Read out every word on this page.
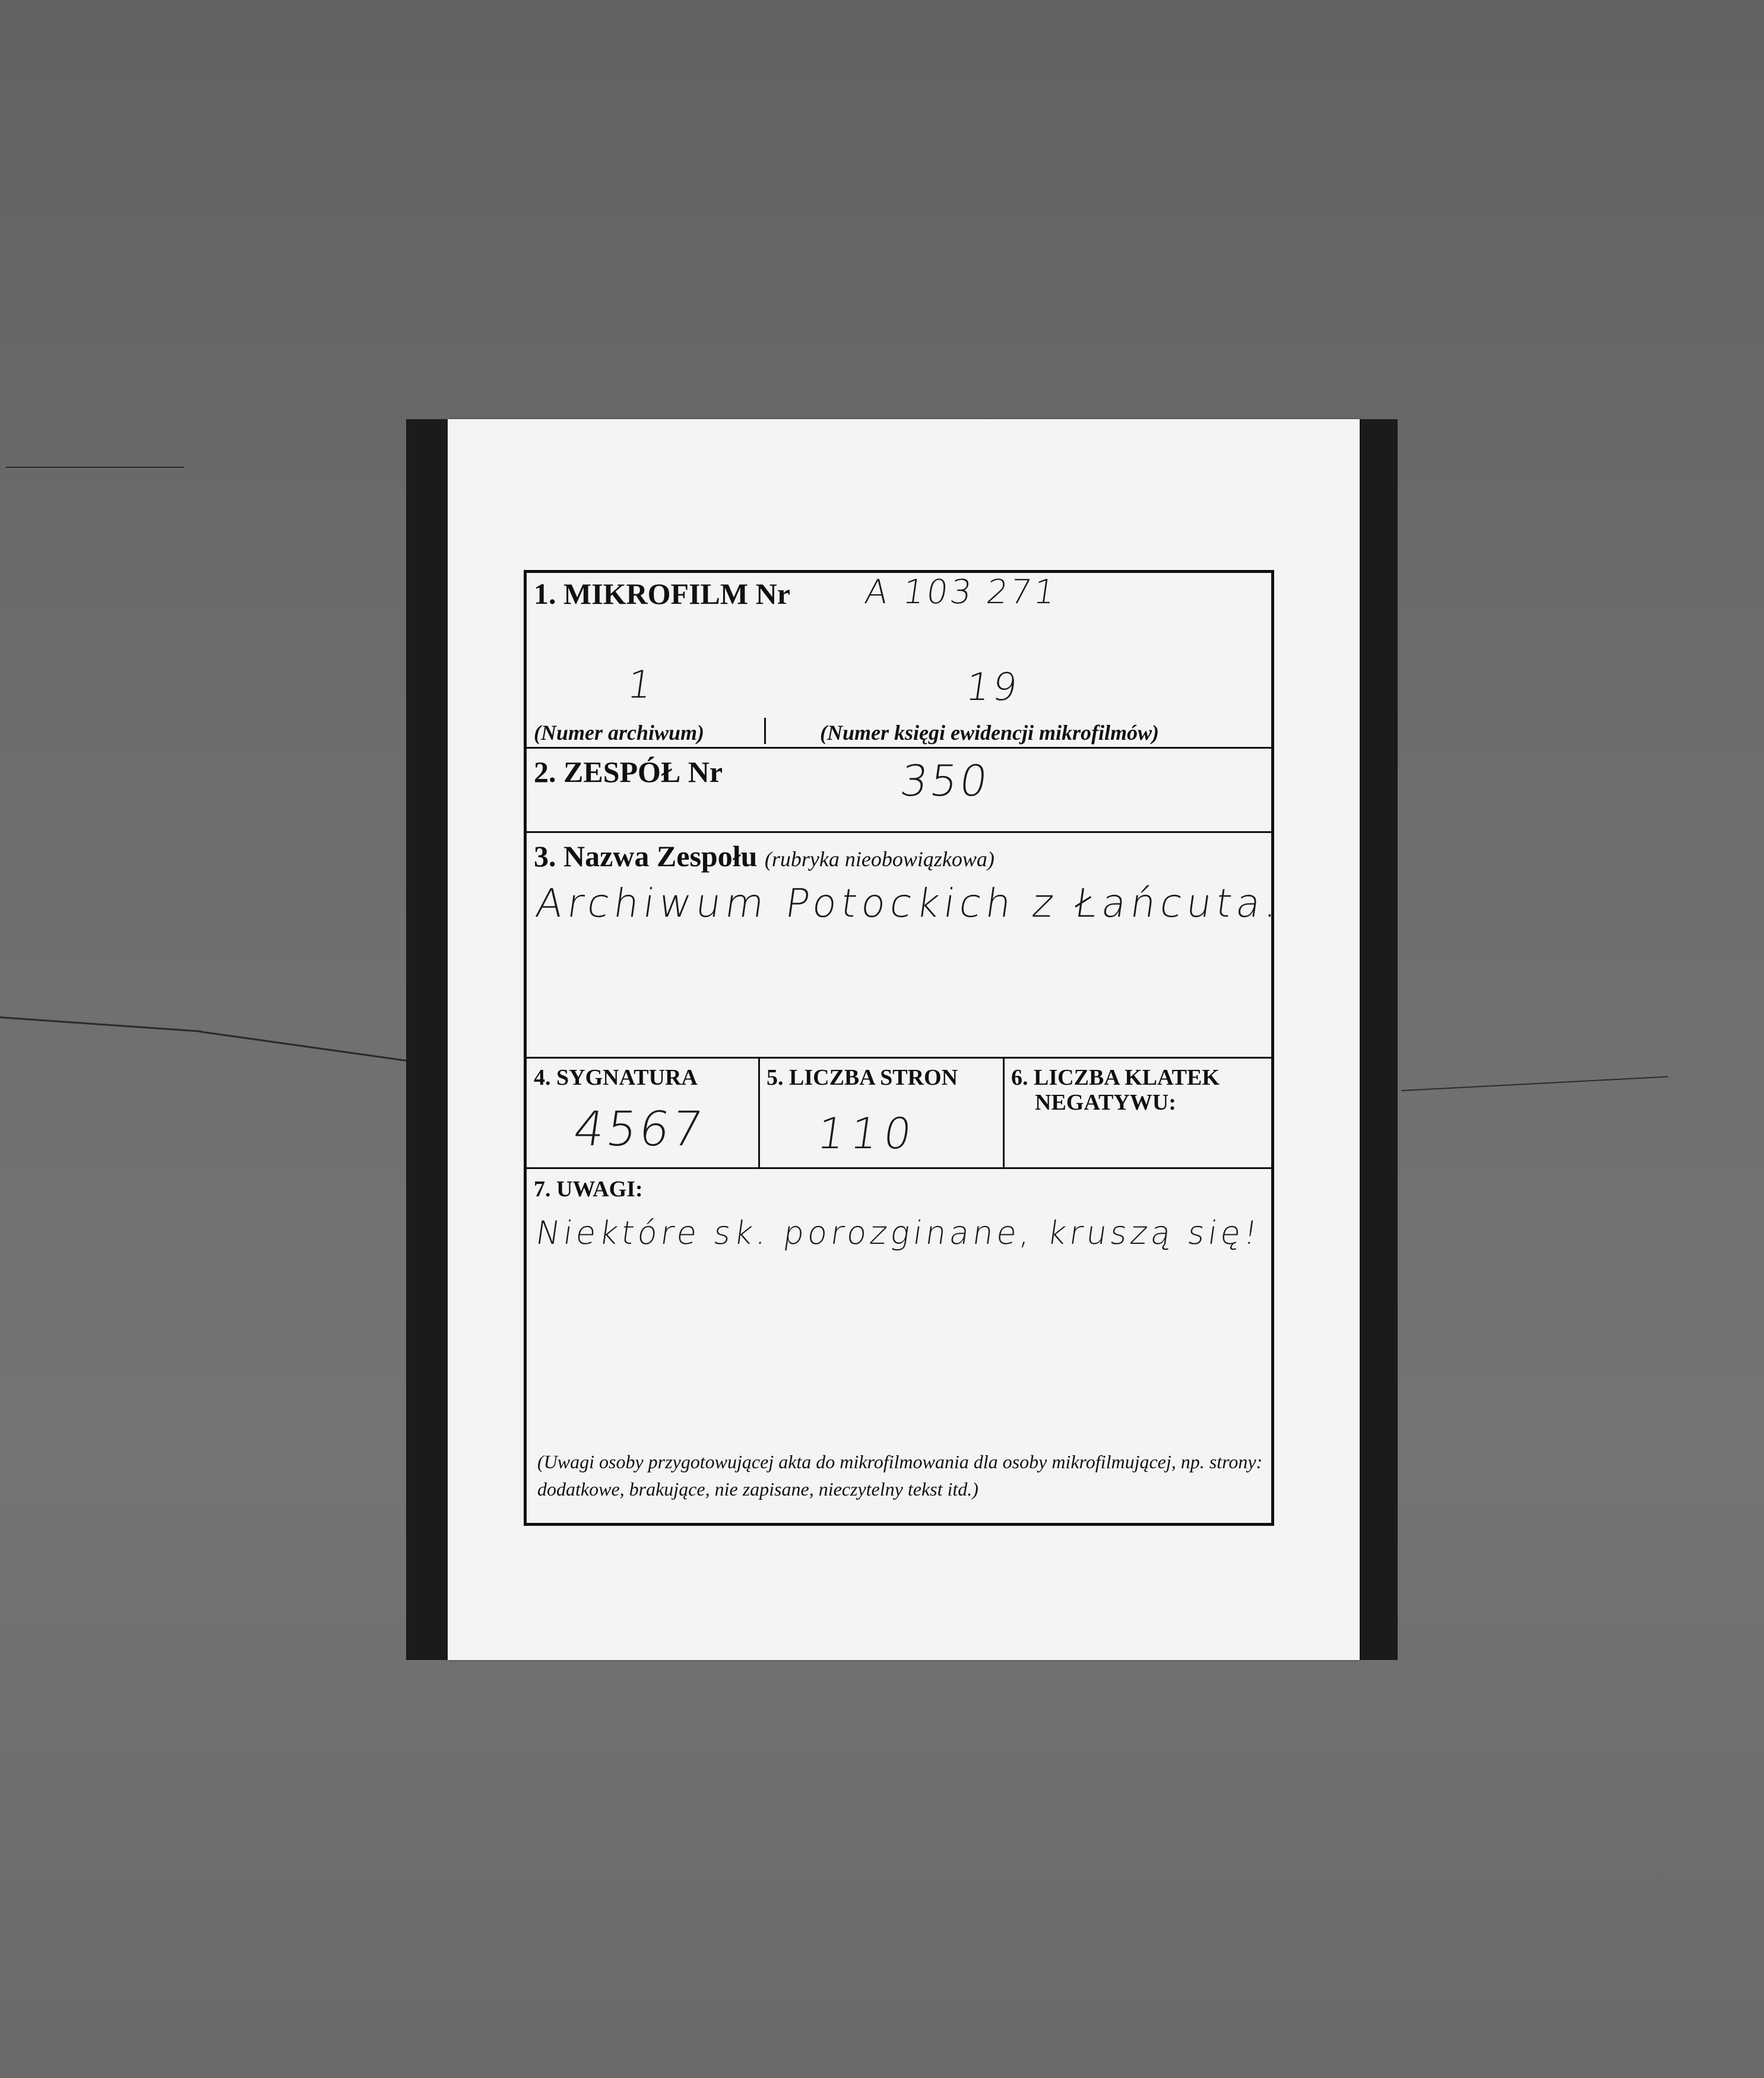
1. MIKROFILM Nr A 103 271
1	19
(Numer archiwum)	(Numer księgi ewidencji mikrofilmów)
2. ZESPÓŁ Nr	350
3. Nazwa Zespołu (rubryka nieobowiązkowa)
Archiwum Potockich z Łańcuta.
4. SYGNATURA
4567
5. LICZBA STRON
110
6. LICZBA KLATEK
NEGATYWU:
7. UWAGI:
Niektóre sk. porozginane, kruszą się!
(Uwagi osoby przygotowującej akta do mikrofilmowania dla osoby mikrofilmującej, np. strony: dodatkowe, brakujące, nie zapisane, nieczytelny tekst itd.)
